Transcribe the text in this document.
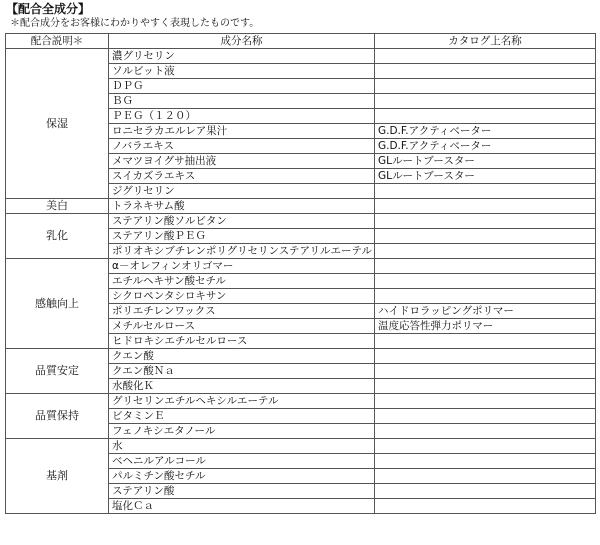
【配合全成分】
＊配合成分をお客様にわかりやすく表現したものです。
配合説明＊	成分名称	カタログ上名称
保湿	濃グリセリン	
	ソルビット液	
	ＤＰＧ	
	ＢＧ	
	ＰＥＧ（１２０）	
	ロニセラカエルレア果汁	G.D.F.アクティベーター
	ノバラエキス	G.D.F.アクティベーター
	メマツヨイグサ抽出液	GLルートブースター
	スイカズラエキス	GLルートブースター
	ジグリセリン	
美白	トラネキサム酸	
乳化	ステアリン酸ソルビタン	
	ステアリン酸ＰＥＧ	
	ポリオキシブチレンポリグリセリンステアリルエーテル	
感触向上	α－オレフィンオリゴマー	
	エチルヘキサン酸セチル	
	シクロペンタシロキサン	
	ポリエチレンワックス	ハイドロラッピングポリマー
	メチルセルロース	温度応答性弾力ポリマー
	ヒドロキシエチルセルロース	
品質安定	クエン酸	
	クエン酸Ｎａ	
	水酸化Ｋ	
品質保持	グリセリンエチルヘキシルエーテル	
	ビタミンＥ	
	フェノキシエタノール	
基剤	水	
	ベヘニルアルコール	
	パルミチン酸セチル	
	ステアリン酸	
	塩化Ｃａ	
